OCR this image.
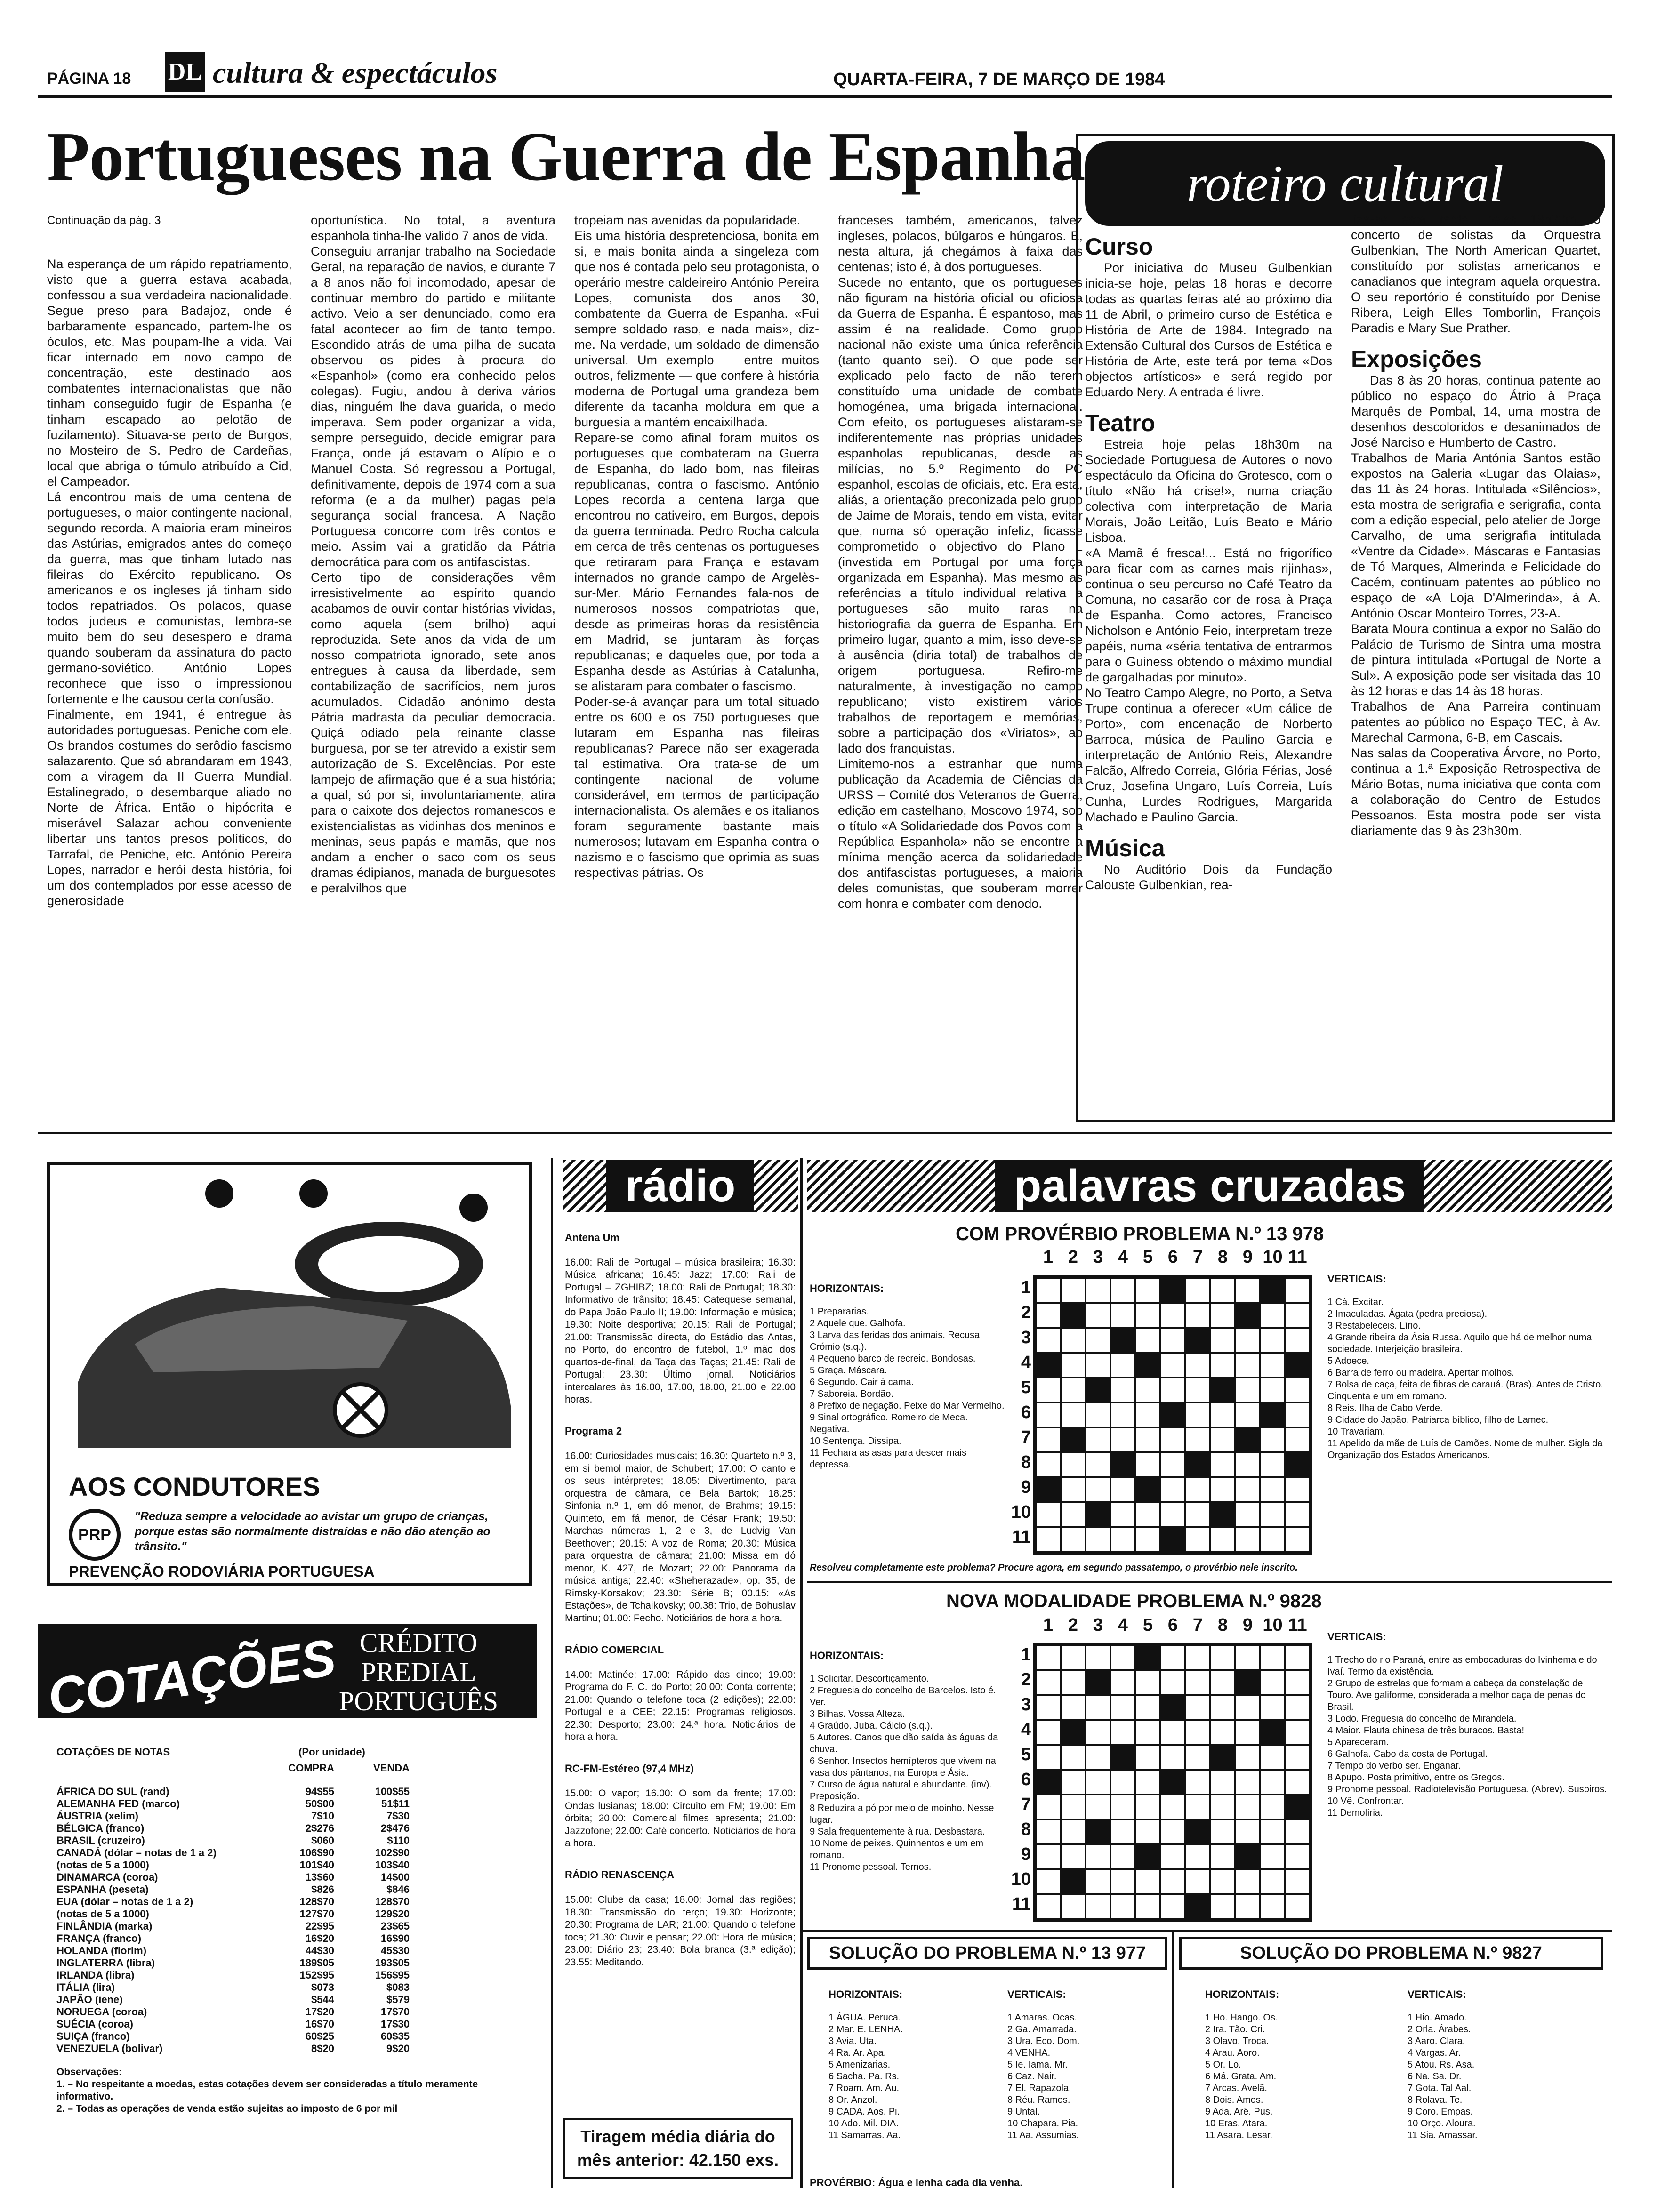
PÁGINA 18 DL cultura & espectáculos	QUARTA-FEIRA, 7 DE MARÇO DE 1984
Portugueses na Guerra de Espanha
Continuação da pág. 3
Na esperança de um rápido repatriamento, visto que a guerra estava acabada, confessou a sua verdadeira nacionalidade. Segue preso para Badajoz, onde é barbaramente espancado, partem-lhe os óculos, etc. Mas poupam-lhe a vida. Vai ficar internado em novo campo de concentração, este destinado aos combatentes internacionalistas que não tinham conseguido fugir de Espanha (e tinham escapado ao pelotão de fuzilamento). Situava-se perto de Burgos, no Mosteiro de S. Pedro de Cardeñas, local que abriga o túmulo atribuído a Cid, el Campeador.
Lá encontrou mais de uma centena de portugueses, o maior contingente nacional, segundo recorda. A maioria eram mineiros das Astúrias, emigrados antes do começo da guerra, mas que tinham lutado nas fileiras do Exército republicano. Os americanos e os ingleses já tinham sido todos repatriados. Os polacos, quase todos judeus e comunistas, lembra-se muito bem do seu desespero e drama quando souberam da assinatura do pacto germano-soviético. António Lopes reconhece que isso o impressionou fortemente e lhe causou certa confusão.
Finalmente, em 1941, é entregue às autoridades portuguesas. Peniche com ele. Os brandos costumes do serôdio fascismo salazarento. Que só abrandaram em 1943, com a viragem da II Guerra Mundial. Estalinegrado, o desembarque aliado no Norte de África. Então o hipócrita e miserável Salazar achou conveniente libertar uns tantos presos políticos, do Tarrafal, de Peniche, etc. António Pereira Lopes, narrador e herói desta história, foi um dos contemplados por esse acesso de generosidade
oportunística. No total, a aventura espanhola tinha-lhe valido 7 anos de vida.
Conseguiu arranjar trabalho na Sociedade Geral, na reparação de navios, e durante 7 a 8 anos não foi incomodado, apesar de continuar membro do partido e militante activo. Veio a ser denunciado, como era fatal acontecer ao fim de tanto tempo. Escondido atrás de uma pilha de sucata observou os pides à procura do «Espanhol» (como era conhecido pelos colegas). Fugiu, andou à deriva vários dias, ninguém lhe dava guarida, o medo imperava. Sem poder organizar a vida, sempre perseguido, decide emigrar para França, onde já estavam o Alípio e o Manuel Costa. Só regressou a Portugal, definitivamente, depois de 1974 com a sua reforma (e a da mulher) pagas pela segurança social francesa. A Nação Portuguesa concorre com três contos e meio. Assim vai a gratidão da Pátria democrática para com os antifascistas.
Certo tipo de considerações vêm irresistivelmente ao espírito quando acabamos de ouvir contar histórias vividas, como aquela (sem brilho) aqui reproduzida. Sete anos da vida de um nosso compatriota ignorado, sete anos entregues à causa da liberdade, sem contabilização de sacrifícios, nem juros acumulados. Cidadão anónimo desta Pátria madrasta da peculiar democracia. Quiçá odiado pela reinante classe burguesa, por se ter atrevido a existir sem autorização de S. Excelências. Por este lampejo de afirmação que é a sua história; a qual, só por si, involuntariamente, atira para o caixote dos dejectos romanescos e existencialistas as vidinhas dos meninos e meninas, seus papás e mamãs, que nos andam a encher o saco com os seus dramas édipianos, manada de burguesotes e peralvilhos que
tropeiam nas avenidas da popularidade.
Eis uma história despretenciosa, bonita em si, e mais bonita ainda a singeleza com que nos é contada pelo seu protagonista, o operário mestre caldeireiro António Pereira Lopes, comunista dos anos 30, combatente da Guerra de Espanha. «Fui sempre soldado raso, e nada mais», diz-me. Na verdade, um soldado de dimensão universal. Um exemplo — entre muitos outros, felizmente — que confere à história moderna de Portugal uma grandeza bem diferente da tacanha moldura em que a burguesia a mantém encaixilhada.
Repare-se como afinal foram muitos os portugueses que combateram na Guerra de Espanha, do lado bom, nas fileiras republicanas, contra o fascismo. António Lopes recorda a centena larga que encontrou no cativeiro, em Burgos, depois da guerra terminada. Pedro Rocha calcula em cerca de três centenas os portugueses que retiraram para França e estavam internados no grande campo de Argelès-sur-Mer. Mário Fernandes fala-nos de numerosos nossos compatriotas que, desde as primeiras horas da resistência em Madrid, se juntaram às forças republicanas; e daqueles que, por toda a Espanha desde as Astúrias à Catalunha, se alistaram para combater o fascismo.
Poder-se-á avançar para um total situado entre os 600 e os 750 portugueses que lutaram em Espanha nas fileiras republicanas? Parece não ser exagerada tal estimativa. Ora trata-se de um contingente nacional de volume considerável, em termos de participação internacionalista. Os alemães e os italianos foram seguramente bastante mais numerosos; lutavam em Espanha contra o nazismo e o fascismo que oprimia as suas respectivas pátrias. Os
franceses também, americanos, talvez ingleses, polacos, búlgaros e húngaros. E, nesta altura, já chegámos à faixa das centenas; isto é, à dos portugueses.
Sucede no entanto, que os portugueses não figuram na história oficial ou oficiosa da Guerra de Espanha. É espantoso, mas assim é na realidade. Como grupo nacional não existe uma única referência (tanto quanto sei). O que pode ser explicado pelo facto de não terem constituído uma unidade de combate homogénea, uma brigada internacional. Com efeito, os portugueses alistaram-se indiferentemente nas próprias unidades espanholas republicanas, desde as milícias, no 5.º Regimento do PC espanhol, escolas de oficiais, etc. Era esta, aliás, a orientação preconizada pelo grupo de Jaime de Morais, tendo em vista, evitar que, numa só operação infeliz, ficasse comprometido o objectivo do Plano L (investida em Portugal por uma força organizada em Espanha). Mas mesmo as referências a título individual relativa a portugueses são muito raras na historiografia da guerra de Espanha. Em primeiro lugar, quanto a mim, isso deve-se à ausência (diria total) de trabalhos de origem portuguesa. Refiro-me naturalmente, à investigação no campo republicano; visto existirem vários trabalhos de reportagem e memórias, sobre a participação dos «Viriatos», ao lado dos franquistas.
Limitemo-nos a estranhar que numa publicação da Academia de Ciências da URSS – Comité dos Veteranos de Guerra, edição em castelhano, Moscovo 1974, sob o título «A Solidariedade dos Povos com a República Espanhola» não se encontre a mínima menção acerca da solidariedade dos antifascistas portugueses, a maioria deles comunistas, que souberam morrer com honra e combater com denodo.
roteiro cultural
Curso
Por iniciativa do Museu Gulbenkian inicia-se hoje, pelas 18 horas e decorre todas as quartas feiras até ao próximo dia 11 de Abril, o primeiro curso de Estética e História de Arte de 1984. Integrado na Extensão Cultural dos Cursos de Estética e História de Arte, este terá por tema «Dos objectos artísticos» e será regido por Eduardo Nery. A entrada é livre.
Teatro
Estreia hoje pelas 18h30m na Sociedade Portuguesa de Autores o novo espectáculo da Oficina do Grotesco, com o título «Não há crise!», numa criação colectiva com interpretação de Maria Morais, João Leitão, Luís Beato e Mário Lisboa.
«A Mamã é fresca!... Está no frigorífico para ficar com as carnes mais rijinhas», continua o seu percurso no Café Teatro da Comuna, no casarão cor de rosa à Praça de Espanha. Como actores, Francisco Nicholson e António Feio, interpretam treze papéis, numa «séria tentativa de entrarmos para o Guiness obtendo o máximo mundial de gargalhadas por minuto».
No Teatro Campo Alegre, no Porto, a Setva Trupe continua a oferecer «Um cálice de Porto», com encenação de Norberto Barroca, música de Paulino Garcia e interpretação de António Reis, Alexandre Falcão, Alfredo Correia, Glória Férias, José Cruz, Josefina Ungaro, Luís Correia, Luís Cunha, Lurdes Rodrigues, Margarida Machado e Paulino Garcia.
Música
No Auditório Dois da Fundação Calouste Gulbenkian, rea-
liza-se esta tarde, pelas 18h30m, o concerto de solistas da Orquestra Gulbenkian, The North American Quartet, constituído por solistas americanos e canadianos que integram aquela orquestra. O seu reportório é constituído por Denise Ribera, Leigh Elles Tomborlin, François Paradis e Mary Sue Prather.
Exposições
Das 8 às 20 horas, continua patente ao público no espaço do Átrio à Praça Marquês de Pombal, 14, uma mostra de desenhos descoloridos e desanimados de José Narciso e Humberto de Castro.
Trabalhos de Maria Antónia Santos estão expostos na Galeria «Lugar das Olaias», das 11 às 24 horas. Intitulada «Silêncios», esta mostra de serigrafia e serigrafia, conta com a edição especial, pelo atelier de Jorge Carvalho, de uma serigrafia intitulada «Ventre da Cidade». Máscaras e Fantasias de Tó Marques, Almerinda e Felicidade do Cacém, continuam patentes ao público no espaço de «A Loja D'Almerinda», à A. António Oscar Monteiro Torres, 23-A.
Barata Moura continua a expor no Salão do Palácio de Turismo de Sintra uma mostra de pintura intitulada «Portugal de Norte a Sul». A exposição pode ser visitada das 10 às 12 horas e das 14 às 18 horas.
Trabalhos de Ana Parreira continuam patentes ao público no Espaço TEC, à Av. Marechal Carmona, 6-B, em Cascais.
Nas salas da Cooperativa Árvore, no Porto, continua a 1.ª Exposição Retrospectiva de Mário Botas, numa iniciativa que conta com a colaboração do Centro de Estudos Pessoanos. Esta mostra pode ser vista diariamente das 9 às 23h30m.
AOS CONDUTORES
PRP
"Reduza sempre a velocidade ao avistar um grupo de crianças, porque estas são normalmente distraídas e não dão atenção ao trânsito."
PREVENÇÃO RODOVIÁRIA PORTUGUESA
COTAÇÕES CRÉDITO
PREDIAL
PORTUGUÊS
COTAÇÕES DE NOTAS	(Por unidade)
COMPRA	VENDA
ÁFRICA DO SUL (rand)	94$55	100$55
ALEMANHA FED (marco)	50$00	51$11
ÁUSTRIA (xelim)	7$10	7$30
BÉLGICA (franco)	2$276	2$476
BRASIL (cruzeiro)	$060	$110
CANADÁ (dólar – notas de 1 a 2)	106$90	102$90
(notas de 5 a 1000)	101$40	103$40
DINAMARCA (coroa)	13$60	14$00
ESPANHA (peseta)	$826	$846
EUA (dólar – notas de 1 a 2)	128$70	128$70
(notas de 5 a 1000)	127$70	129$20
FINLÂNDIA (marka)	22$95	23$65
FRANÇA (franco)	16$20	16$90
HOLANDA (florim)	44$30	45$30
INGLATERRA (libra)	189$05	193$05
IRLANDA (libra)	152$95	156$95
ITÁLIA (lira)	$073	$083
JAPÃO (iene)	$544	$579
NORUEGA (coroa)	17$20	17$70
SUÉCIA (coroa)	16$70	17$30
SUIÇA (franco)	60$25	60$35
VENEZUELA (bolivar)	8$20	9$20
Observações:
1. – No respeitante a moedas, estas cotações devem ser consideradas a título meramente informativo.
2. – Todas as operações de venda estão sujeitas ao imposto de 6 por mil
rádio

Antena Um

16.00: Rali de Portugal – música brasileira; 16.30: Música africana; 16.45: Jazz; 17.00: Rali de Portugal – ZGHIBZ; 18.00: Rali de Portugal; 18.30: Informativo de trânsito; 18.45: Catequese semanal, do Papa João Paulo II; 19.00: Informação e música; 19.30: Noite desportiva; 20.15: Rali de Portugal; 21.00: Transmissão directa, do Estádio das Antas, no Porto, do encontro de futebol, 1.º mão dos quartos-de-final, da Taça das Taças; 21.45: Rali de Portugal; 23.30: Último jornal. Noticiários intercalares às 16.00, 17.00, 18.00, 21.00 e 22.00 horas.

Programa 2

16.00: Curiosidades musicais; 16.30: Quarteto n.º 3, em si bemol maior, de Schubert; 17.00: O canto e os seus intérpretes; 18.05: Divertimento, para orquestra de câmara, de Bela Bartok; 18.25: Sinfonia n.º 1, em dó menor, de Brahms; 19.15: Quinteto, em fá menor, de César Frank; 19.50: Marchas númeras 1, 2 e 3, de Ludvig Van Beethoven; 20.15: A voz de Roma; 20.30: Música para orquestra de câmara; 21.00: Missa em dó menor, K. 427, de Mozart; 22.00: Panorama da música antiga; 22.40: «Sheherazade», op. 35, de Rimsky-Korsakov; 23.30: Série B; 00.15: «As Estações», de Tchaikovsky; 00.38: Trio, de Bohuslav Martinu; 01.00: Fecho. Noticiários de hora a hora.

RÁDIO COMERCIAL

14.00: Matinée; 17.00: Rápido das cinco; 19.00: Programa do F. C. do Porto; 20.00: Conta corrente; 21.00: Quando o telefone toca (2 edições); 22.00: Portugal e a CEE; 22.15: Programas religiosos. 22.30: Desporto; 23.00: 24.ª hora. Noticiários de hora a hora.

RC-FM-Estéreo (97,4 MHz)

15.00: O vapor; 16.00: O som da frente; 17.00: Ondas lusianas; 18.00: Circuito em FM; 19.00: Em órbita; 20.00: Comercial filmes apresenta; 21.00: Jazzofone; 22.00: Café concerto. Noticiários de hora a hora.

RÁDIO RENASCENÇA

15.00: Clube da casa; 18.00: Jornal das regiões; 18.30: Transmissão do terço; 19.30: Horizonte; 20.30: Programa de LAR; 21.00: Quando o telefone toca; 21.30: Ouvir e pensar; 22.00: Hora de música; 23.00: Diário 23; 23.40: Bola branca (3.ª edição); 23.55: Meditando.

Tiragem média diária do mês anterior: 42.150 exs.
palavras cruzadas
COM PROVÉRBIO PROBLEMA N.º 13 978

HORIZONTAIS:

1 Prepararias.
2 Aquele que. Galhofa.
3 Larva das feridas dos animais. Recusa. Crómio (s.q.).
4 Pequeno barco de recreio. Bondosas.
5 Graça. Máscara.
6 Segundo. Cair à cama.
7 Saboreia. Bordão.
8 Prefixo de negação. Peixe do Mar Vermelho.
9 Sinal ortográfico. Romeiro de Meca. Negativa.
10 Sentença. Dissipa.
11 Fechara as asas para descer mais depressa.

1 2 3 4 5 6 7 8 9 10 11
1
2
3
4
5
6
7
8
9
10
11

VERTICAIS:

1 Cá. Excitar.
2 Imaculadas. Ágata (pedra preciosa).
3 Restabeleceis. Lírio.
4 Grande ribeira da Ásia Russa. Aquilo que há de melhor numa sociedade. Interjeição brasileira.
5 Adoece.
6 Barra de ferro ou madeira. Apertar molhos.
7 Bolsa de caça, feita de fibras de carauá. (Bras). Antes de Cristo. Cinquenta e um em romano.
8 Reis. Ilha de Cabo Verde.
9 Cidade do Japão. Patriarca bíblico, filho de Lamec.
10 Travariam.
11 Apelido da mãe de Luís de Camões. Nome de mulher. Sigla da Organização dos Estados Americanos.

Resolveu completamente este problema? Procure agora, em segundo passatempo, o provérbio nele inscrito.
NOVA MODALIDADE PROBLEMA N.º 9828

HORIZONTAIS:

1 Solicitar. Descortiçamento.
2 Freguesia do concelho de Barcelos. Isto é. Ver.
3 Bilhas. Vossa Alteza.
4 Graúdo. Juba. Cálcio (s.q.).
5 Autores. Canos que dão saída às águas da chuva.
6 Senhor. Insectos hemípteros que vivem na vasa dos pântanos, na Europa e Ásia.
7 Curso de água natural e abundante. (inv). Preposição.
8 Reduzira a pó por meio de moinho. Nesse lugar.
9 Sala frequentemente à rua. Desbastara.
10 Nome de peixes. Quinhentos e um em romano.
11 Pronome pessoal. Ternos.

1 2 3 4 5 6 7 8 9 10 11
1
2
3
4
5
6
7
8
9
10
11

VERTICAIS:

1 Trecho do rio Paraná, entre as embocaduras do Ivinhema e do Ivaí. Termo da existência.
2 Grupo de estrelas que formam a cabeça da constelação de Touro. Ave galiforme, considerada a melhor caça de penas do Brasil.
3 Lodo. Freguesia do concelho de Mirandela.
4 Maior. Flauta chinesa de três buracos. Basta!
5 Apareceram.
6 Galhofa. Cabo da costa de Portugal.
7 Tempo do verbo ser. Enganar.
8 Apupo. Posta primitivo, entre os Gregos.
9 Pronome pessoal. Radiotelevisão Portuguesa. (Abrev). Suspiros.
10 Vê. Confrontar.
11 Demolíria.

SOLUÇÃO DO PROBLEMA N.º 13 977

HORIZONTAIS:

1 ÁGUA. Peruca.
2 Mar. E. LENHA.
3 Avia. Uta.
4 Ra. Ar. Apa.
5 Amenizarias.
6 Sacha. Pa. Rs.
7 Roam. Am. Au.
8 Or. Anzol.
9 CADA. Aos. Pi.
10 Ado. Mil. DIA.
11 Samarras. Aa.

VERTICAIS:

1 Amaras. Ocas.
2 Ga. Amarrada.
3 Ura. Eco. Dom.
4 VENHA.
5 Ie. Iama. Mr.
6 Caz. Nair.
7 El. Rapazola.
8 Réu. Ramos.
9 Untal.
10 Chapara. Pia.
11 Aa. Assumias.

PROVÉRBIO: Água e lenha cada dia venha.
SOLUÇÃO DO PROBLEMA N.º 9827

HORIZONTAIS:

1 Ho. Hango. Os.
2 Ira. Tão. Cri.
3 Olavo. Troca.
4 Arau. Aoro.
5 Or. Lo.
6 Má. Grata. Am.
7 Arcas. Avelã.
8 Dois. Amos.
9 Ada. Arê. Pus.
10 Eras. Atara.
11 Asara. Lesar.

VERTICAIS:

1 Hio. Amado.
2 Orla. Árabes.
3 Aaro. Clara.
4 Vargas. Ar.
5 Atou. Rs. Asa.
6 Na. Sa. Dr.
7 Gota. Tal Aal.
8 Rolava. Te.
9 Coro. Empas.
10 Orço. Aloura.
11 Sia. Amassar.
